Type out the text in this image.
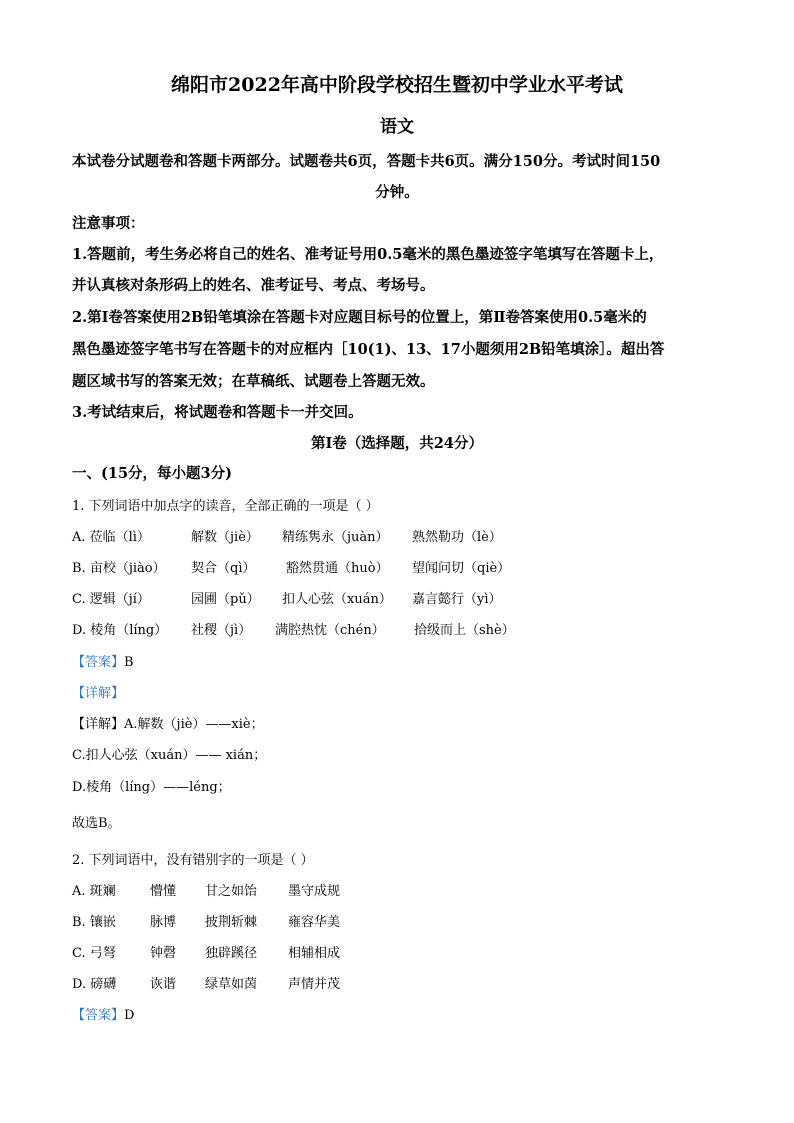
绵阳市2022年高中阶段学校招生暨初中学业水平考试
语文
本试卷分试题卷和答题卡两部分。试题卷共6页，答题卡共6页。满分150分。考试时间150
分钟。
注意事项：
1.答题前，考生务必将自己的姓名、准考证号用0.5毫米的黑色墨迹签字笔填写在答题卡上，
并认真核对条形码上的姓名、准考证号、考点、考场号。
2.第Ⅰ卷答案使用2B铅笔填涂在答题卡对应题目标号的位置上，第Ⅱ卷答案使用0.5毫米的
黑色墨迹签字笔书写在答题卡的对应框内［10(1)、13、17小题须用2B铅笔填涂］。超出答
题区域书写的答案无效；在草稿纸、试题卷上答题无效。
3.考试结束后，将试题卷和答题卡一并交回。
第Ⅰ卷（选择题，共24分）
一、(15分，每小题3分)
1. 下列词语中加点字的读音，全部正确的一项是（ ）
A. 莅临（lì）	解数（jiè） 精练隽永（juàn） 熟然勒功（lè）
B. 亩校（jiào） 契合（qì） 豁然贯通（huò） 望闻问切（qiè）
C. 逻辑（jí）	园圃（pǔ） 扣人心弦（xuán） 嘉言懿行（yì）
D. 棱角（líng） 社稷（jì） 满腔热忱（chén） 拾级而上（shè）
【答案】B
【详解】
【详解】A.解数（jiè）——xiè；
C.扣人心弦（xuán）—— xián；
D.棱角（líng）——léng；
故选B。
2. 下列词语中，没有错别字的一项是（ ）
A. 斑斓	懵懂 甘之如饴 墨守成规
B. 镶嵌	脉博 披荆斩棘 雍容华美
C. 弓弩	钟磬 独辟蹊径 相辅相成
D. 磅礴	诙谐 绿草如茵 声情并茂
【答案】D
